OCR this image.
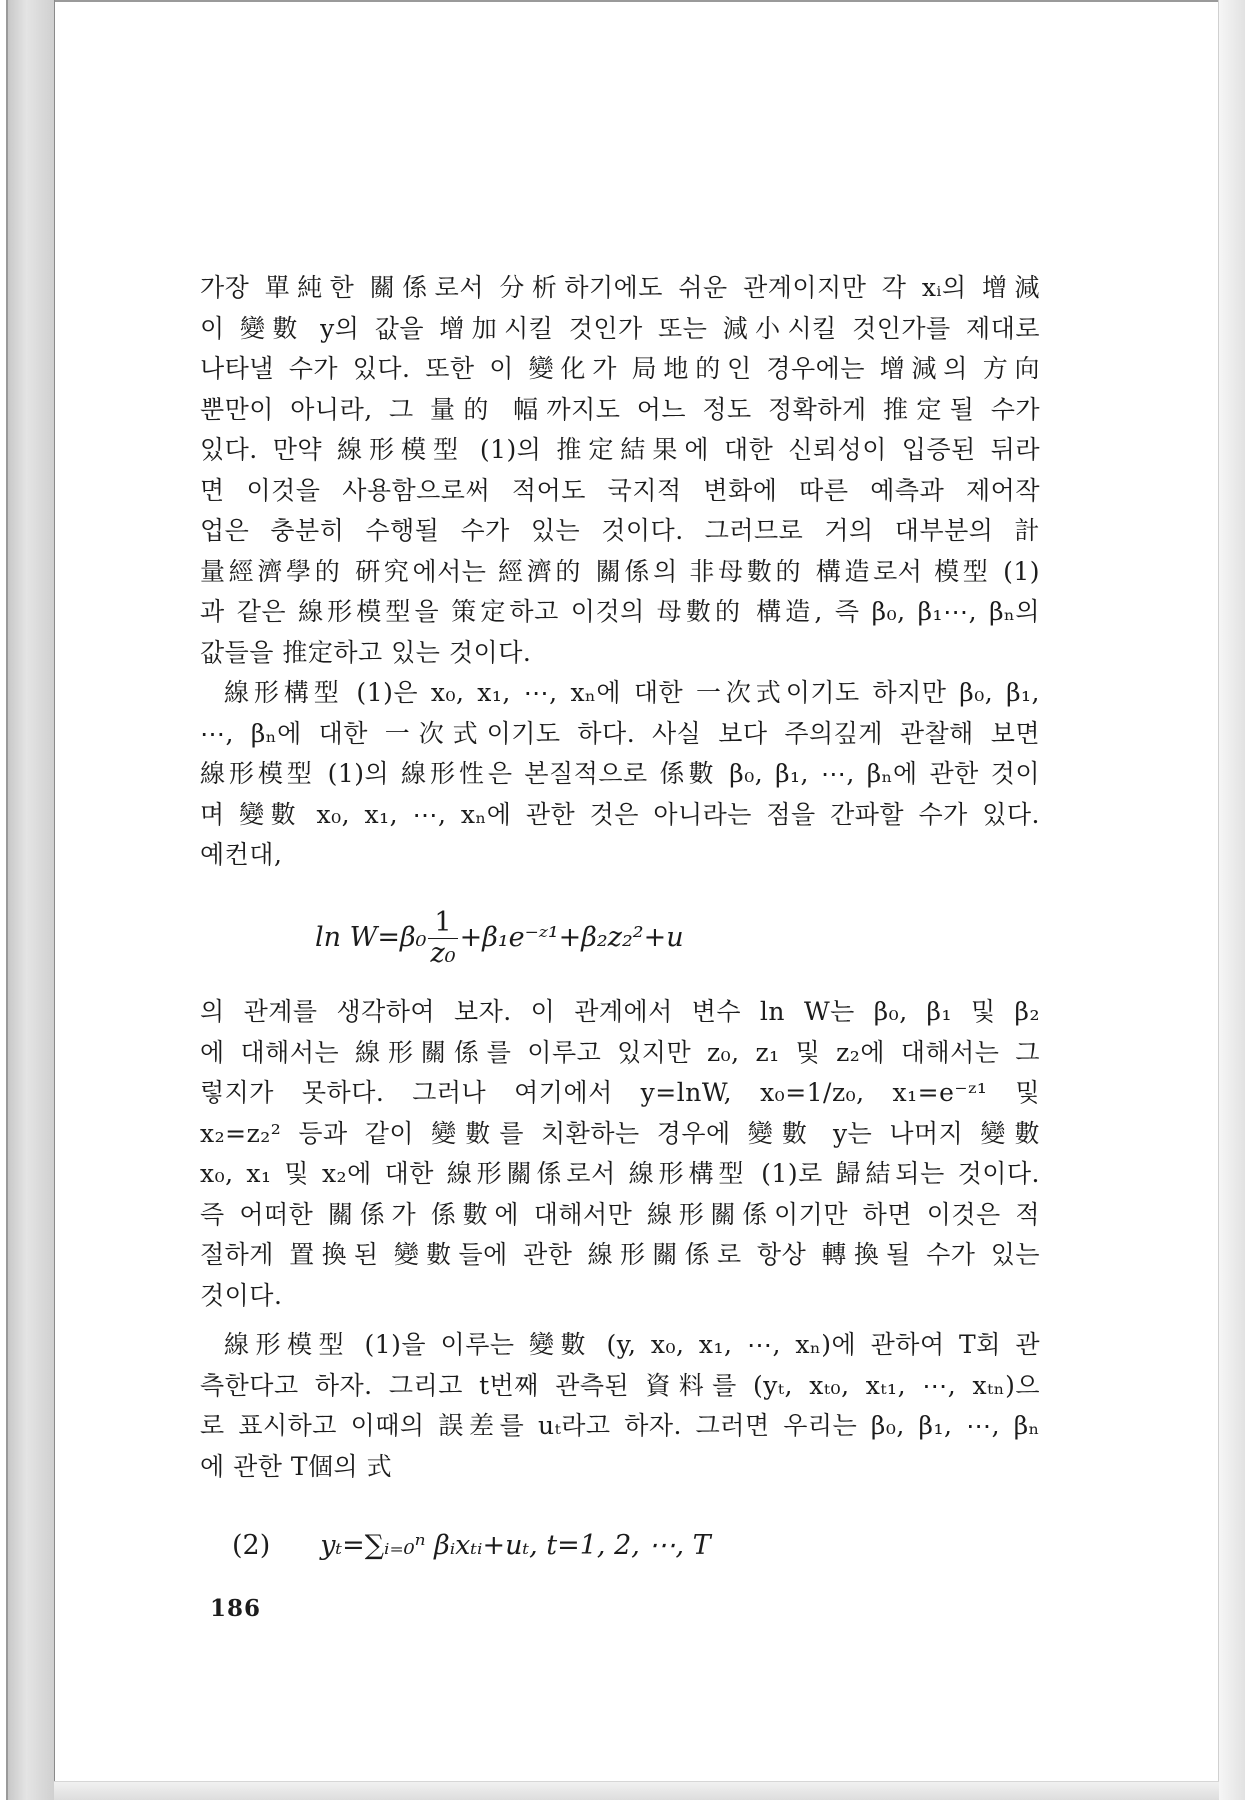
가장 單純한 關係로서 分析하기에도 쉬운 관계이지만 각 xᵢ의 增減
이 變數 y의 값을 增加시킬 것인가 또는 減小시킬 것인가를 제대로
나타낼 수가 있다. 또한 이 變化가 局地的인 경우에는 增減의 方向
뿐만이 아니라, 그 量的 幅까지도 어느 정도 정확하게 推定될 수가
있다. 만약 線形模型 (1)의 推定結果에 대한 신뢰성이 입증된 뒤라
면 이것을 사용함으로써 적어도 국지적 변화에 따른 예측과 제어작
업은 충분히 수행될 수가 있는 것이다. 그러므로 거의 대부분의 計
量經濟學的 硏究에서는 經濟的 關係의 非母數的 構造로서 模型 (1)
과 같은 線形模型을 策定하고 이것의 母數的 構造, 즉 β₀, β₁⋯, βₙ의
값들을 推定하고 있는 것이다.
線形構型 (1)은 x₀, x₁, ⋯, xₙ에 대한 一次式이기도 하지만 β₀, β₁,
⋯, βₙ에 대한 一次式이기도 하다. 사실 보다 주의깊게 관찰해 보면
線形模型 (1)의 線形性은 본질적으로 係數 β₀, β₁, ⋯, βₙ에 관한 것이
며 變數 x₀, x₁, ⋯, xₙ에 관한 것은 아니라는 점을 간파할 수가 있다.
예컨대,
$\ln W=\beta_0 \frac{1}{\text{z₀}}$ +β₁e⁻ᶻ¹+β₂z₂²+u
의 관계를 생각하여 보자. 이 관계에서 변수 ln W는 β₀, β₁ 및 β₂
에 대해서는 線形關係를 이루고 있지만 z₀, z₁ 및 z₂에 대해서는 그
렇지가 못하다. 그러나 여기에서 y=lnW, x₀=1/z₀, x₁=e⁻ᶻ¹ 및
x₂=z₂² 등과 같이 變數를 치환하는 경우에 變數 y는 나머지 變數
x₀, x₁ 및 x₂에 대한 線形關係로서 線形構型 (1)로 歸結되는 것이다.
즉 어떠한 關係가 係數에 대해서만 線形關係이기만 하면 이것은 적
절하게 置換된 變數들에 관한 線形關係로 항상 轉換될 수가 있는
것이다.
線形模型 (1)을 이루는 變數 (y, x₀, x₁, ⋯, xₙ)에 관하여 T회 관
측한다고 하자. 그리고 t번째 관측된 資料를 (yₜ, xₜ₀, xₜ₁, ⋯, xₜₙ)으
로 표시하고 이때의 誤差를 uₜ라고 하자. 그러면 우리는 β₀, β₁, ⋯, βₙ
에 관한 T個의 式
(2) yₜ=∑ᵢ₌₀ⁿ βᵢxₜᵢ+uₜ, t=1, 2, ⋯, T
186
